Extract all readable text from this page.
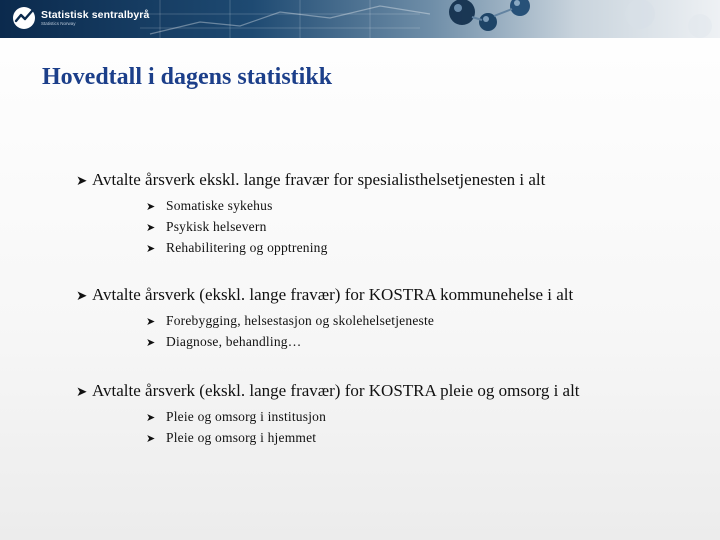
Statistisk sentralbyrå
Statistics Norway
Hovedtall i dagens statistikk
➤ Avtalte årsverk ekskl. lange fravær for spesialisthelsetjenesten i alt
➤ Somatiske sykehus
➤ Psykisk helsevern
➤ Rehabilitering og opptrening
➤ Avtalte årsverk (ekskl. lange fravær) for KOSTRA kommunehelse i alt
➤ Forebygging, helsestasjon og skolehelsetjeneste
➤ Diagnose, behandling…
➤ Avtalte årsverk (ekskl. lange fravær) for KOSTRA pleie og omsorg i alt
➤ Pleie og omsorg i institusjon
➤ Pleie og omsorg i hjemmet
